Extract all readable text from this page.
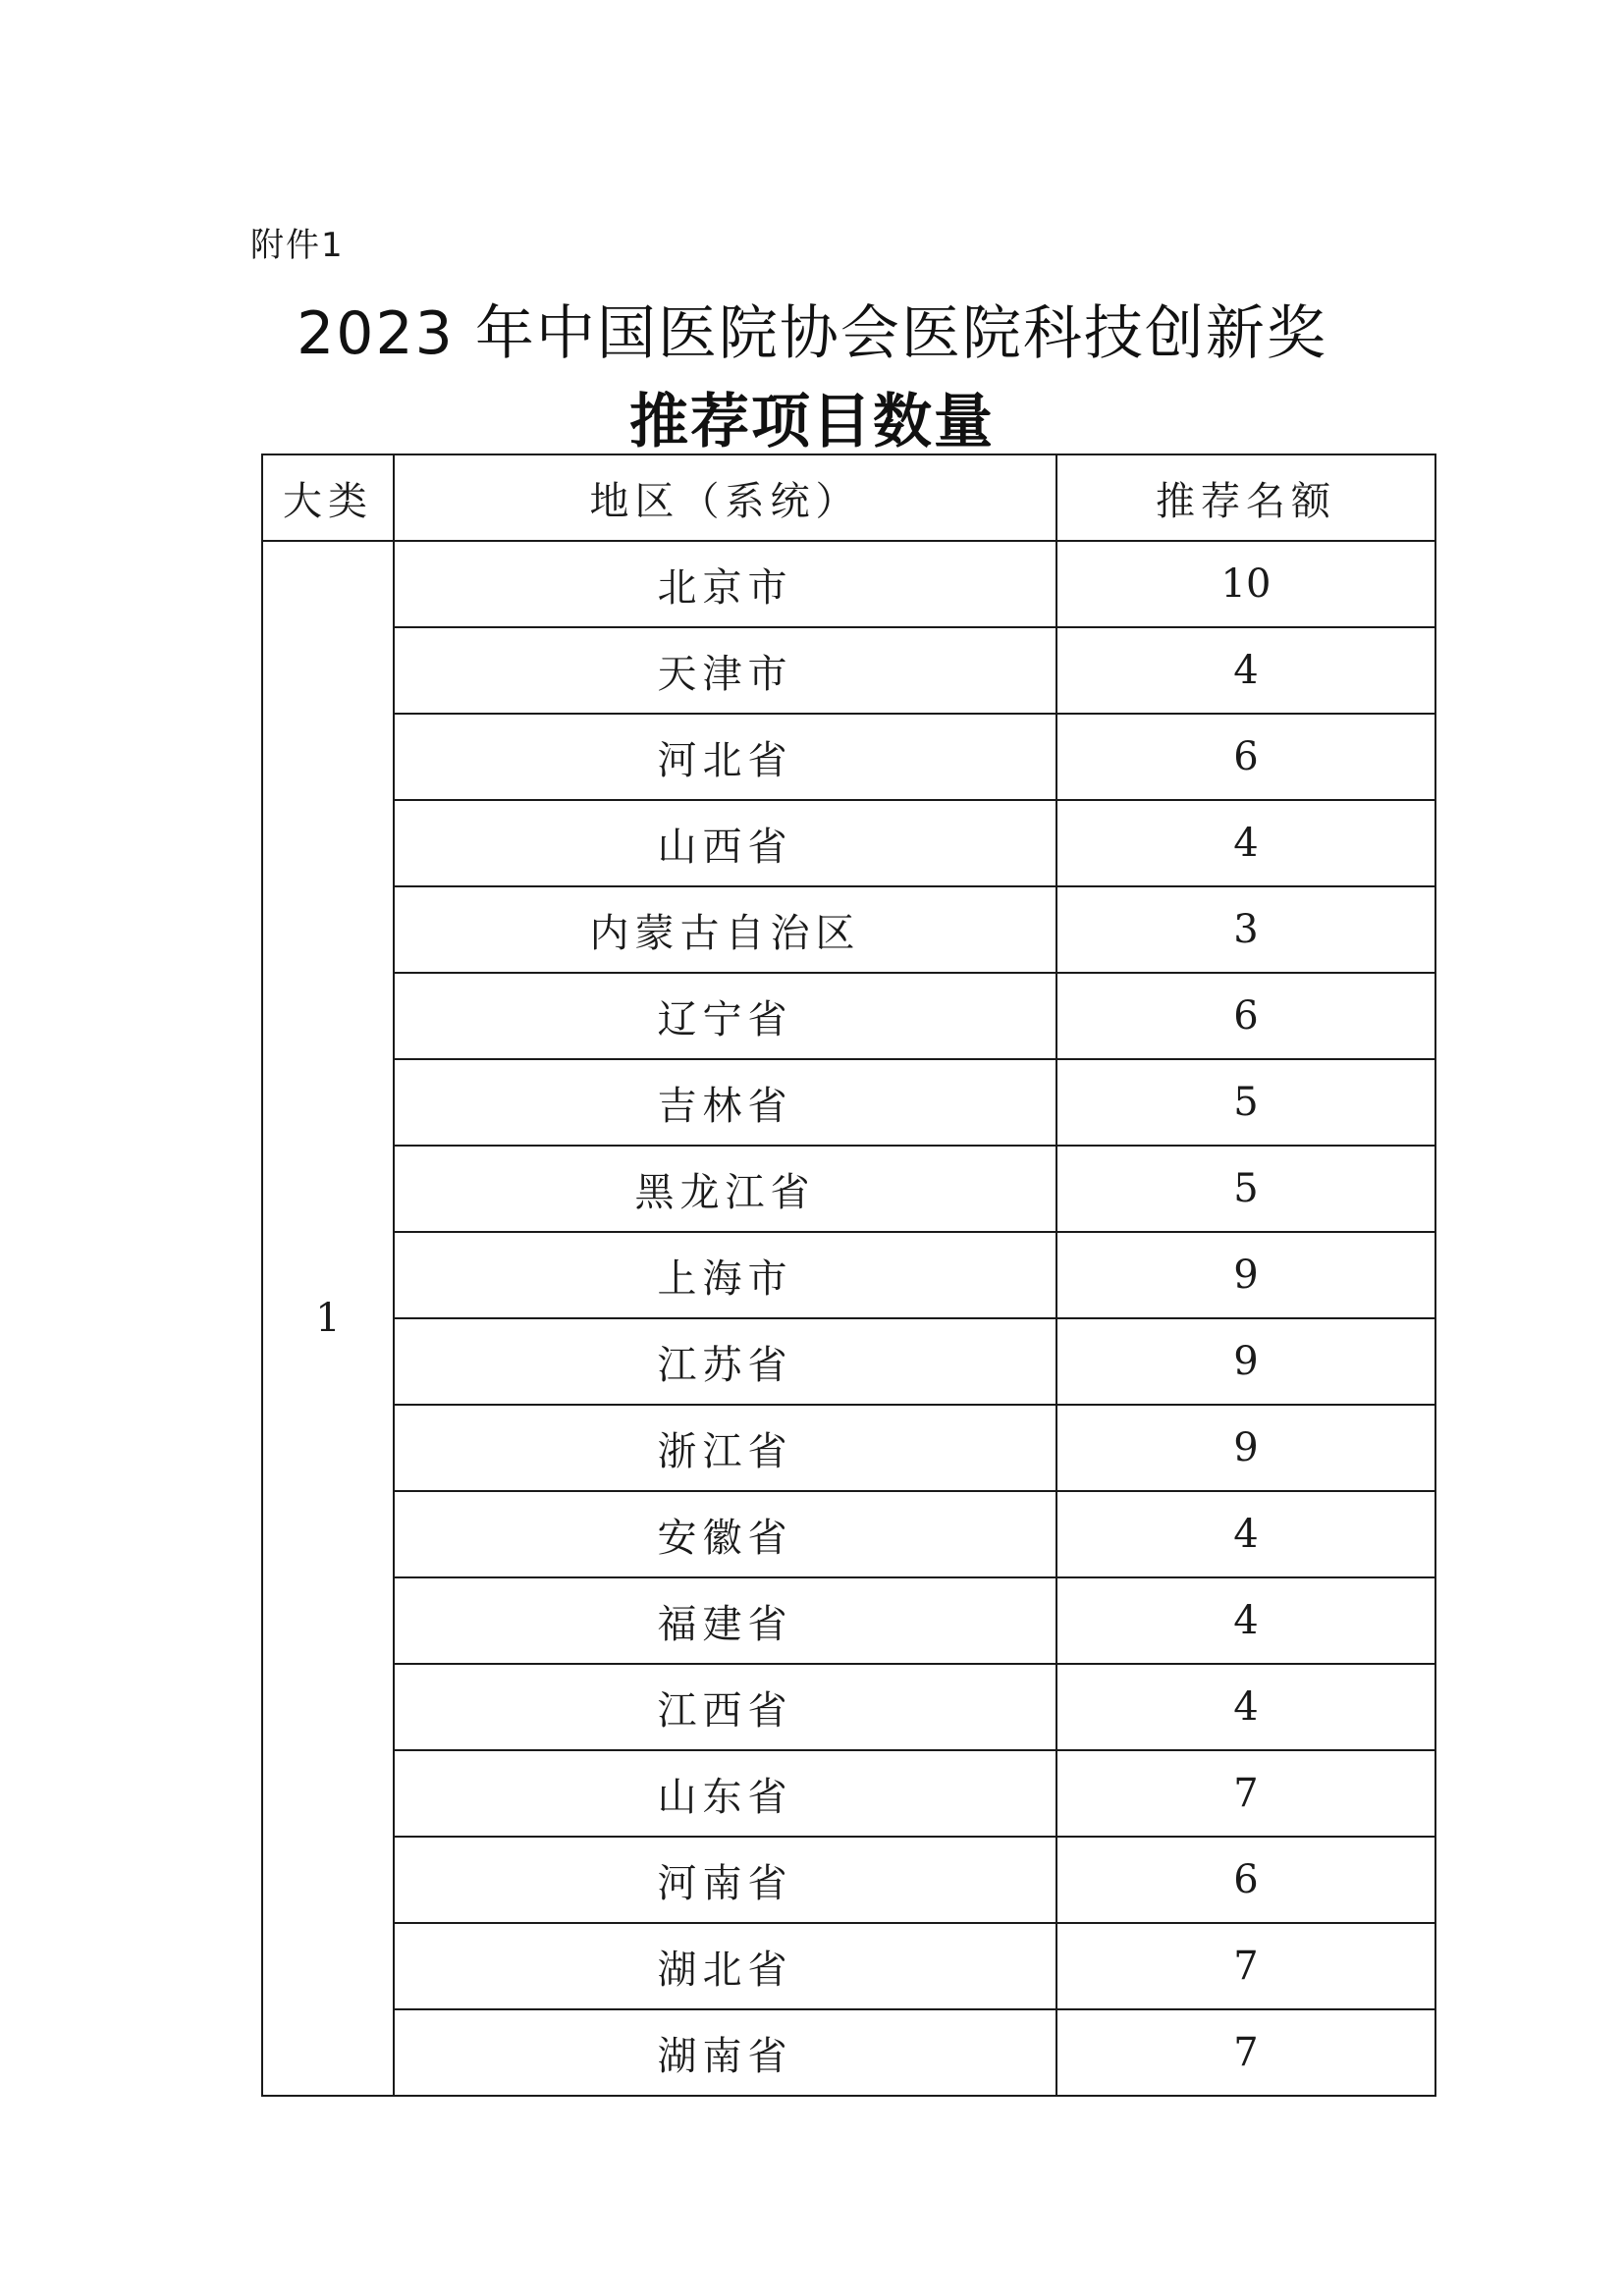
附件1
2023 年中国医院协会医院科技创新奖
推荐项目数量
大类	地区（系统）	推荐名额
1	北京市	10
	天津市	4
	河北省	6
	山西省	4
	内蒙古自治区	3
	辽宁省	6
	吉林省	5
	黑龙江省	5
	上海市	9
	江苏省	9
	浙江省	9
	安徽省	4
	福建省	4
	江西省	4
	山东省	7
	河南省	6
	湖北省	7
	湖南省	7
